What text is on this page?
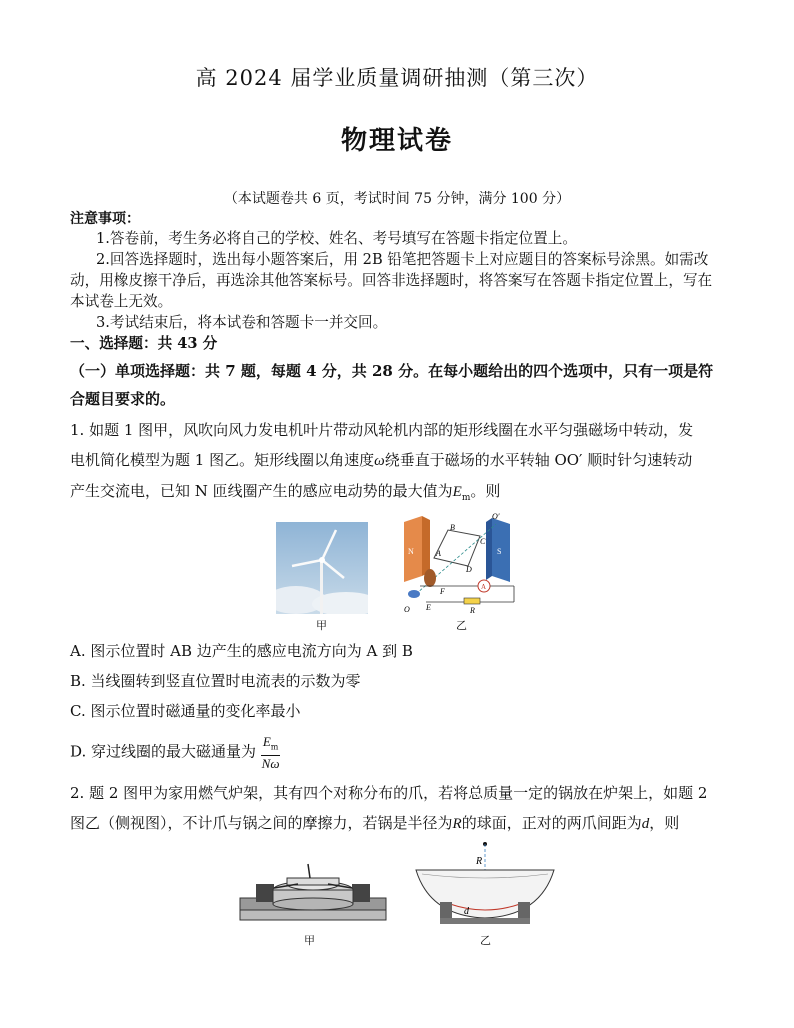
高 2024 届学业质量调研抽测（第三次）
物理试卷
（本试题卷共 6 页，考试时间 75 分钟，满分 100 分）
注意事项：
1.答卷前，考生务必将自己的学校、姓名、考号填写在答题卡指定位置上。
2.回答选择题时，选出每小题答案后，用 2B 铅笔把答题卡上对应题目的答案标号涂黑。如需改动，用橡皮擦干净后，再选涂其他答案标号。回答非选择题时，将答案写在答题卡指定位置上，写在本试卷上无效。
3.考试结束后，将本试卷和答题卡一并交回。
一、选择题：共 43 分
（一）单项选择题：共 7 题，每题 4 分，共 28 分。在每小题给出的四个选项中，只有一项是符
合题目要求的。
1. 如题 1 图甲，风吹向风力发电机叶片带动风轮机内部的矩形线圈在水平匀强磁场中转动，发
电机简化模型为题 1 图乙。矩形线圈以角速度ω绕垂直于磁场的水平转轴 OO′ 顺时针匀速转动
产生交流电，已知 N 匝线圈产生的感应电动势的最大值为$E_m$。则
甲
N	S
A
B
C
D
O′
O
A
E
F
R
乙
A. 图示位置时 AB 边产生的感应电流方向为 A 到 B
B. 当线圈转到竖直位置时电流表的示数为零
C. 图示位置时磁通量的变化率最小
D. 穿过线圈的最大磁通量为 $\frac{E_m}{N\omega}$
2. 题 2 图甲为家用燃气炉架，其有四个对称分布的爪，若将总质量一定的锅放在炉架上，如题 2
图乙（侧视图），不计爪与锅之间的摩擦力，若锅是半径为R的球面，正对的两爪间距为d，则
甲
R
d
乙
